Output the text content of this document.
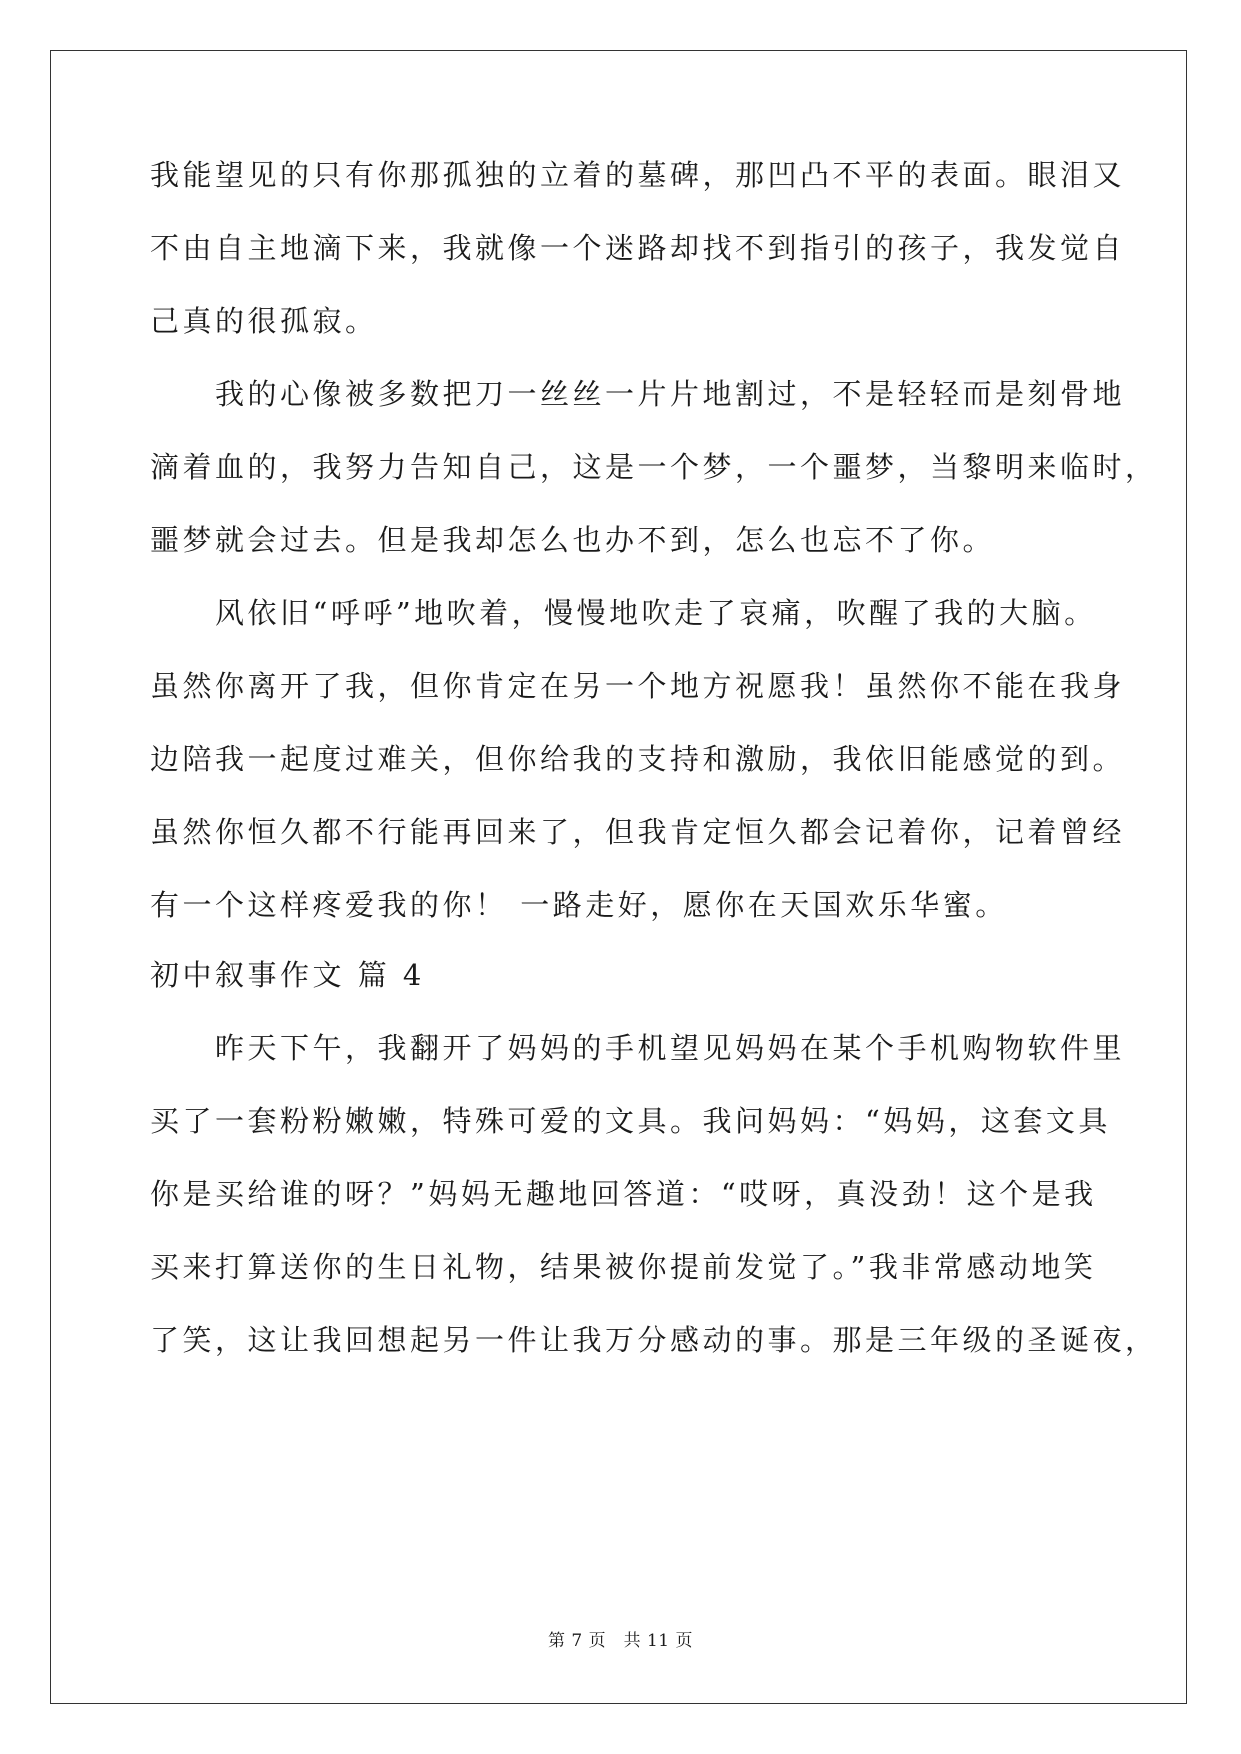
我能望见的只有你那孤独的立着的墓碑，那凹凸不平的表面。眼泪又
不由自主地滴下来，我就像一个迷路却找不到指引的孩子，我发觉自
己真的很孤寂。
　　我的心像被多数把刀一丝丝一片片地割过，不是轻轻而是刻骨地
滴着血的，我努力告知自己，这是一个梦，一个噩梦，当黎明来临时，
噩梦就会过去。但是我却怎么也办不到，怎么也忘不了你。
　　风依旧“呼呼”地吹着，慢慢地吹走了哀痛，吹醒了我的大脑。
虽然你离开了我，但你肯定在另一个地方祝愿我！虽然你不能在我身
边陪我一起度过难关，但你给我的支持和激励，我依旧能感觉的到。
虽然你恒久都不行能再回来了，但我肯定恒久都会记着你，记着曾经
有一个这样疼爱我的你！ 一路走好，愿你在天国欢乐华蜜。
初中叙事作文 篇 4
　　昨天下午，我翻开了妈妈的手机望见妈妈在某个手机购物软件里
买了一套粉粉嫩嫩，特殊可爱的文具。我问妈妈：“妈妈，这套文具
你是买给谁的呀？”妈妈无趣地回答道：“哎呀，真没劲！这个是我
买来打算送你的生日礼物，结果被你提前发觉了。”我非常感动地笑
了笑，这让我回想起另一件让我万分感动的事。那是三年级的圣诞夜，
第 7 页　共 11 页
